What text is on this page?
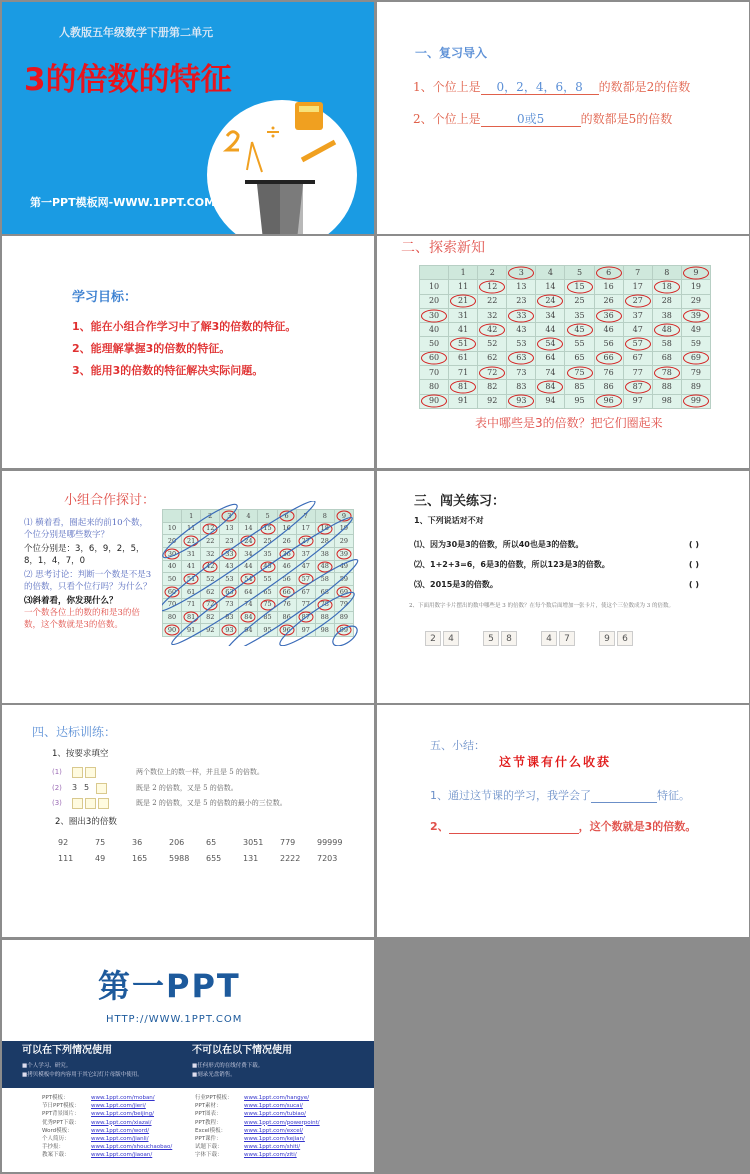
人教版五年级数学下册第二单元
3的倍数的特征
第一PPT模板网-WWW.1PPT.COM
一、复习导入
1、个位上是 0，2，4，6，8 的数都是2的倍数
2、个位上是	0或5	的数都是5的倍数
学习目标：
1、能在小组合作学习中了解3的倍数的特征。
2、能理解掌握3的倍数的特征。
3、能用3的倍数的特征解决实际问题。
二、探索新知
	1	2	3	4	5	6	7	8	9

10	11	12	13	14	15	16	17	18	19
20	21	22	23	24	25	26	27	28	29
30	31	32	33	34	35	36	37	38	39

40	41	42	43	44	45	46	47	48	49
50	51	52	53	54	55	56	57	58	59
60	61	62	63	64	65	66	67	68	69

70	71	72	73	74	75	76	77	78	79
80	81	82	83	84	85	86	87	88	89
90	91	92	93	94	95	96	97	98	99
表中哪些是3的倍数？把它们圈起来
小组合作探讨：
⑴ 横着看，圈起来的前10个数，个位分别是哪些数字？
个位分别是：3，6，9，2，5，8，1，4，7，0
⑵ 思考讨论：判断一个数是不是3的倍数，只看个位行吗？为什么？
⑶斜着看，你发现什么？
一个数各位上的数的和是3的倍数，这个数就是3的倍数。
	1	2	3	4	5	6	7	8	9

10	11	12	13	14	15	16	17	18	19
20	21	22	23	24	25	26	27	28	29
30	31	32	33	34	35	36	37	38	39

40	41	42	43	44	45	46	47	48	49
50	51	52	53	54	55	56	57	58	59
60	61	62	63	64	65	66	67	68	69

70	71	72	73	74	75	76	77	78	79
80	81	82	83	84	85	86	87	88	89
90	91	92	93	94	95	96	97	98	99
三、闯关练习：
1、下列说话对不对
⑴、因为30是3的倍数，所以40也是3的倍数。	( )
⑵、1+2+3=6，6是3的倍数，所以123是3的倍数。	( )
⑶、2015是3的倍数。	( )
2、下面用数字卡片摆出的数中哪些是 3 的倍数？在每个数后面增加一张卡片，使这个三位数成为 3 的倍数。
2 4	5 8	4 7	9 6
四、达标训练：
1、按要求填空
(1)	两个数位上的数一样，并且是 5 的倍数。
(2) 3 5	既是 2 的倍数，又是 5 的倍数。
(3)	既是 2 的倍数，又是 5 的倍数的最小的三位数。
2、圈出3的倍数
92	75	36	206	65	3051	779	99999
111	49	165	5988	655	131	2222	7203
五、小结：
这节课有什么收获
1、通过这节课的学习，我学会了	特征。
2、	，这个数就是3的倍数。
第一PPT
HTTP://WWW.1PPT.COM
可以在下列情况使用
■个人学习、研究。
■拷贝模板中的内容用于其它幻灯片母版中使用。
不可以在以下情况使用
■任何形式的在线付费下载。
■刻录光盘销售。
PPT模板：	www.1ppt.com/moban/
节日PPT模板： www.1ppt.com/jieri/
PPT背景图片： www.1ppt.com/beijing/
优秀PPT下载： www.1ppt.com/xiazai/
Word模板：	www.1ppt.com/word/
个人简历：	www.1ppt.com/jianli/
手抄报：	www.1ppt.com/shouchaobao/
教案下载：	www.1ppt.com/jiaoan/
行业PPT模板： www.1ppt.com/hangye/
PPT素材：	www.1ppt.com/sucai/
PPT图表：	www.1ppt.com/tubiao/
PPT教程：	www.1ppt.com/powerpoint/
Excel模板：	www.1ppt.com/excel/
PPT课件：	www.1ppt.com/kejian/
试题下载：	www.1ppt.com/shiti/
字体下载：	www.1ppt.com/ziti/
